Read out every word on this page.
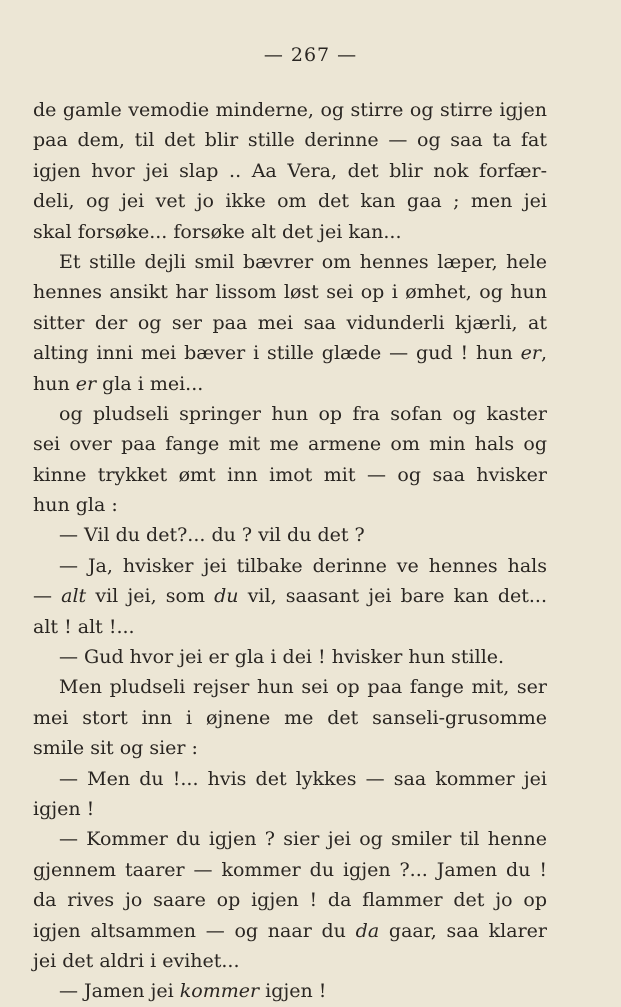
— 267 —
de gamle vemodie minderne, og stirre og stirre igjen
paa dem, til det blir stille derinne — og saa ta fat
igjen hvor jei slap .. Aa Vera, det blir nok forfær-
deli, og jei vet jo ikke om det kan gaa ; men jei
skal forsøke... forsøke alt det jei kan...
Et stille dejli smil bævrer om hennes læper, hele
hennes ansikt har lissom løst sei op i ømhet, og hun
sitter der og ser paa mei saa vidunderli kjærli, at
alting inni mei bæver i stille glæde — gud ! hun er,
hun er gla i mei...
og pludseli springer hun op fra sofan og kaster
sei over paa fange mit me armene om min hals og
kinne trykket ømt inn imot mit — og saa hvisker
hun gla :
— Vil du det?... du ? vil du det ?
— Ja, hvisker jei tilbake derinne ve hennes hals
— alt vil jei, som du vil, saasant jei bare kan det...
alt ! alt !...
— Gud hvor jei er gla i dei ! hvisker hun stille.
Men pludseli rejser hun sei op paa fange mit, ser
mei stort inn i øjnene me det sanseli-grusomme
smile sit og sier :
— Men du !... hvis det lykkes — saa kommer jei
igjen !
— Kommer du igjen ? sier jei og smiler til henne
gjennem taarer — kommer du igjen ?... Jamen du !
da rives jo saare op igjen ! da flammer det jo op
igjen altsammen — og naar du da gaar, saa klarer
jei det aldri i evihet...
— Jamen jei kommer igjen !
